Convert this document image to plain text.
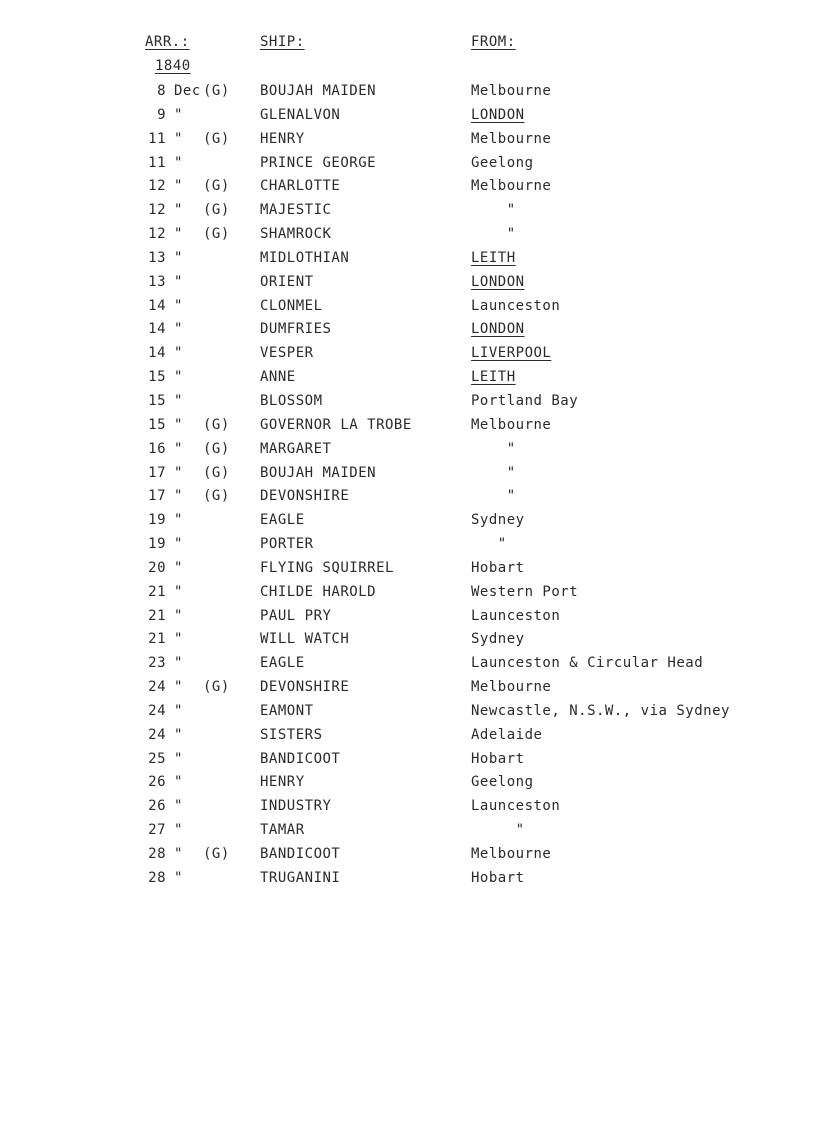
ARR.:	SHIP:	FROM:
1840
8 Dec (G) BOUJAH MAIDEN	Melbourne
9 "	GLENALVON	LONDON
11 " (G) HENRY	Melbourne
11 "	PRINCE GEORGE	Geelong
12 " (G) CHARLOTTE	Melbourne
12 " (G) MAJESTIC	"
12 " (G) SHAMROCK	"
13 "	MIDLOTHIAN	LEITH
13 "	ORIENT	LONDON
14 "	CLONMEL	Launceston
14 "	DUMFRIES	LONDON
14 "	VESPER	LIVERPOOL
15 "	ANNE	LEITH
15 "	BLOSSOM	Portland Bay
15 " (G) GOVERNOR LA TROBE	Melbourne
16 " (G) MARGARET	"
17 " (G) BOUJAH MAIDEN	"
17 " (G) DEVONSHIRE	"
19 "	EAGLE	Sydney
19 "	PORTER	"
20 "	FLYING SQUIRREL	Hobart
21 "	CHILDE HAROLD	Western Port
21 "	PAUL PRY	Launceston
21 "	WILL WATCH	Sydney
23 "	EAGLE	Launceston & Circular Head
24 " (G) DEVONSHIRE	Melbourne
24 "	EAMONT	Newcastle, N.S.W., via Sydney
24 "	SISTERS	Adelaide
25 "	BANDICOOT	Hobart
26 "	HENRY	Geelong
26 "	INDUSTRY	Launceston
27 "	TAMAR	"
28 " (G) BANDICOOT	Melbourne
28 "	TRUGANINI	Hobart
